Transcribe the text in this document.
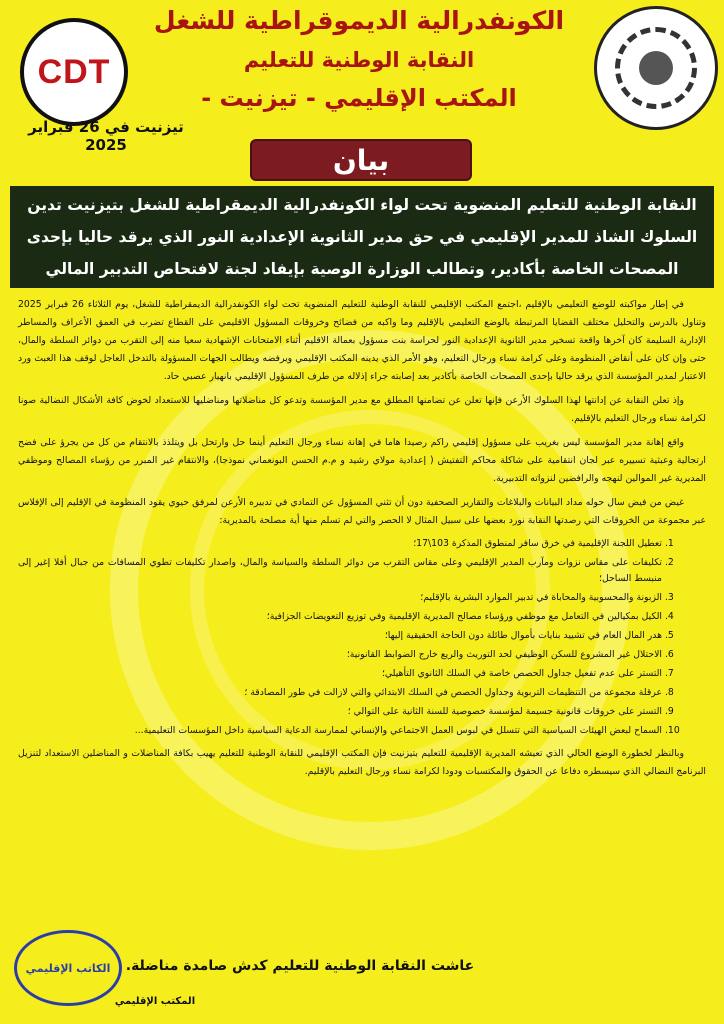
الكونفدرالية الديموقراطية للشغل

النقابة الوطنية للتعليم

المكتب الإقليمي - تيزنيت -

CDT

تيزنيت في 26 فبراير 2025	بيان
النقابة الوطنية للتعليم المنضوية تحت لواء الكونفدرالية الديمقراطية للشغل بتيزنيت تدين السلوك الشاذ للمدير الإقليمي في حق مدير الثانوية الإعدادية النور الذي يرقد حاليا بإحدى المصحات الخاصة بأكادير، وتطالب الوزارة الوصية بإيفاد لجنة لافتحاص التدبير المالي

في إطار مواكبته للوضع التعليمي بالإقليم ،اجتمع المكتب الإقليمي للنقابة الوطنية للتعليم المنضوية تحت لواء الكونفدرالية الديمقراطية للشغل، يوم الثلاثاء 26 فبراير 2025 وتناول بالدرس والتحليل مختلف القضايا المرتبطة بالوضع التعليمي بالإقليم وما واكبه من فضائح وخروقات المسؤول الاقليمي على القطاع تضرب في العمق الأعراف والمساطر الإدارية السليمة كان آخرها واقعة تسخير مدير الثانوية الإعدادية النور لحراسة بنت مسؤول بعمالة الاقليم أثناء الامتحانات الإشهادية سعيا منه إلى التقرب من دوائر السلطة والمال، حتى وإن كان على أنقاض المنظومة وعلى كرامة نساء ورجال التعليم، وهو الأمر الذي يدينه المكتب الإقليمي ويرفضه ويطالب الجهات المسؤولة بالتدخل العاجل لوقف هذا العبث ورد الاعتبار لمدير المؤسسة الذي يرقد حاليا بإحدى المصحات الخاصة بأكادير بعد إصابته جراء إذلاله من طرف المسؤول الإقليمي بانهيار عصبي حاد.

وإذ تعلن النقابة عن إدانتها لهذا السلوك الأرعن فإنها تعلن عن تضامنها المطلق مع مدير المؤسسة وتدعو كل مناضلاتها ومناضليها للاستعداد لخوض كافة الأشكال النضالية صونا لكرامة نساء ورجال التعليم بالإقليم.

واقع إهانة مدير المؤسسة ليس بغريب على مسؤول إقليمي راكم رصيدا هاما في إهانة نساء ورجال التعليم أينما حل وارتحل بل ويتلذذ بالانتقام من كل من يجرؤ على فضح ارتجالية وعبثية تسييره عبر لجان انتقامية على شاكلة محاكم التفتيش ( إعدادية مولاي رشيد و م.م الحسن البونعماني نموذجا)، والانتقام غير المبرر من رؤساء المصالح وموظفي المديرية غير الموالين لنهجه والرافضين لنزواته التدبيرية.

غيض من فيض سال حوله مداد البيانات والبلاغات والتقارير الصحفية دون أن تثني المسؤول عن التمادي في تدبيره الأرعن لمرفق حيوي يقود المنظومة في الإقليم إلى الإفلاس عبر مجموعة من الخروقات التي رصدتها النقابة نورد بعضها على سبيل المثال لا الحصر والتي لم تسلم منها أية مصلحة بالمديرية:

1. تعطيل اللجنة الإقليمية في خرق سافر لمنطوق المذكرة 103\17؛
2. تكليفات على مقاس نزوات ومآرب المدير الإقليمي وعلى مقاس التقرب من دوائر السلطة والسياسة والمال، واصدار تكليفات تطوي المسافات من جبال أفلا إغير إلى منبسط الساحل؛
3. الزبونة والمحسوبية والمحاباة في تدبير الموارد البشرية بالإقليم؛
4. الكيل بمكيالين في التعامل مع موظفي ورؤساء مصالح المديرية الإقليمية وفي توزيع التعويضات الجزافية؛
5. هدر المال العام في تشييد بنايات بأموال طائلة دون الحاجة الحقيقية إليها؛
6. الاحتلال غير المشروع للسكن الوظيفي لحد التوريث والريع خارج الضوابط القانونية؛
7. التستر على عدم تفعيل جداول الحصص خاصة في السلك الثانوي التأهيلي؛
8. عرقلة مجموعة من التنظيمات التربوية وجداول الحصص في السلك الابتدائي والتي لازالت في طور المصادقة ؛
9. التستر على خروقات قانونية جسيمة لمؤسسة خصوصية للسنة الثانية على التوالي ؛
10. السماح لبعض الهيئات السياسية التي تتسلل في لبوس العمل الاجتماعي والإنساني لممارسة الدعاية السياسية داخل المؤسسات التعليمية...

وبالنظر لخطورة الوضع الحالي الذي تعيشه المديرية الإقليمية للتعليم بتيزنيت فإن المكتب الإقليمي للنقابة الوطنية للتعليم يهيب بكافة المناضلات و المناضلين الاستعداد لتنزيل البرنامج النضالي الذي سيسطره دفاعا عن الحقوق والمكتسبات ودودا لكرامة نساء ورجال التعليم بالإقليم.

عاشت النقابة الوطنية للتعليم كدش صامدة مناضلة.

الكاتب الإقليمي

المكتب الإقليمي
